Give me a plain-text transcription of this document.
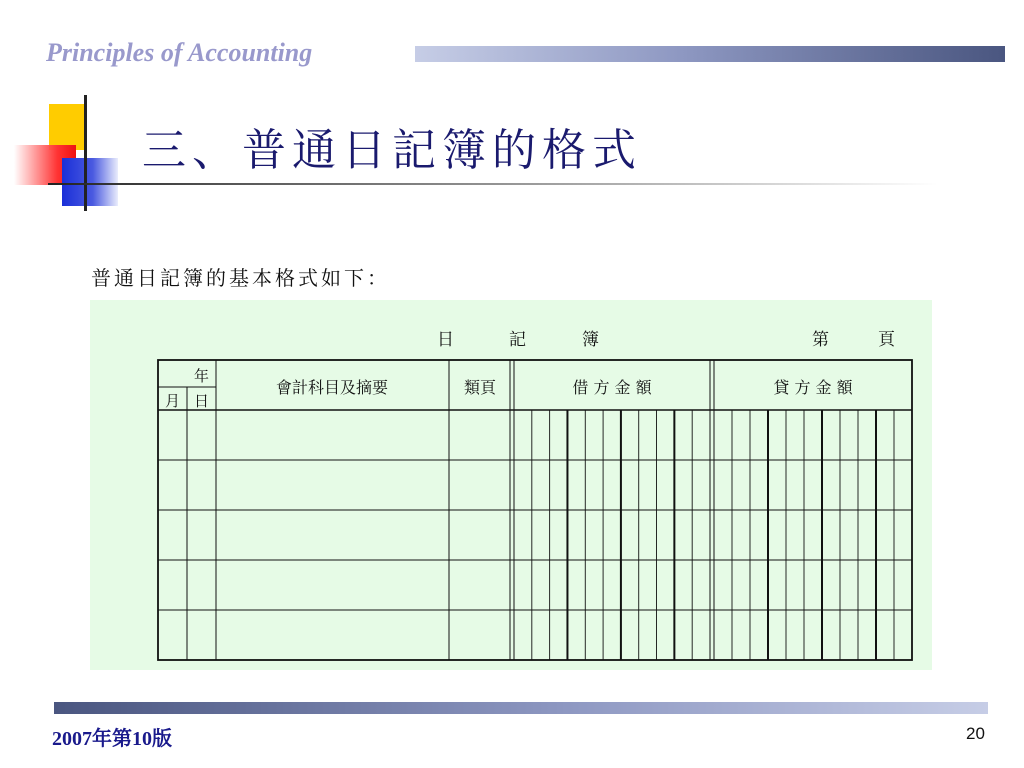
Principles of Accounting
三、普通日記簿的格式
普通日記簿的基本格式如下：
日	記	簿	第	頁
年
月 日
會計科目及摘要	類頁	借 方 金 額	貸 方 金 額
2007年第10版	20
